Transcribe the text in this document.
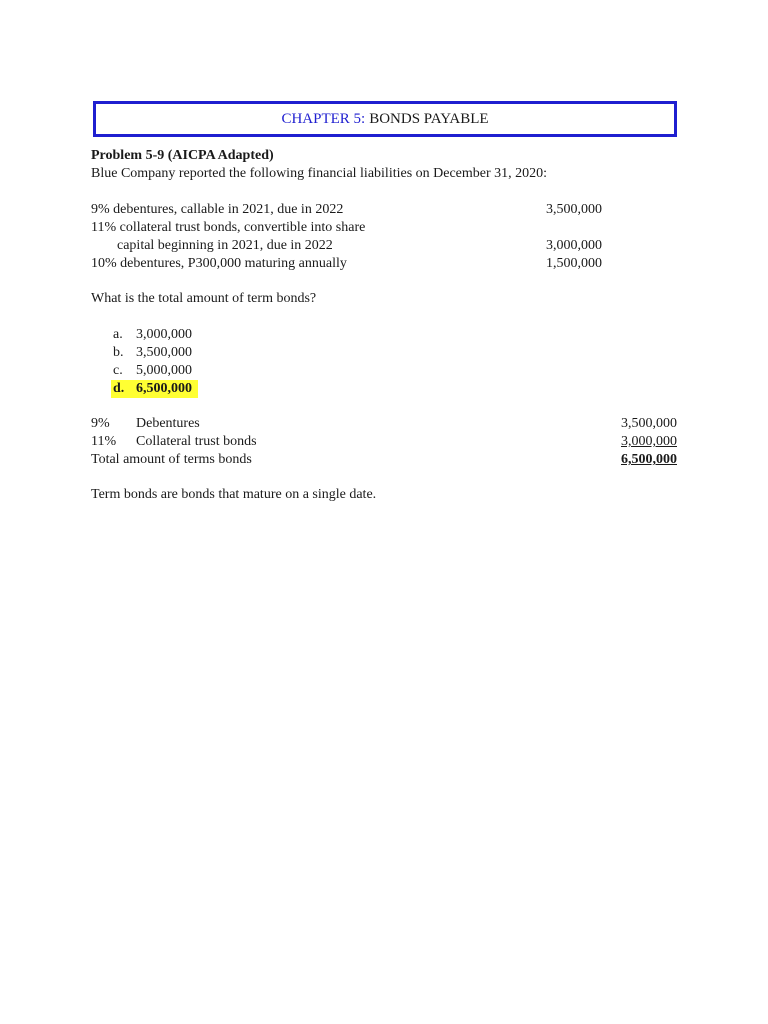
CHAPTER 5: BONDS PAYABLE
Problem 5-9 (AICPA Adapted)
Blue Company reported the following financial liabilities on December 31, 2020:
9% debentures, callable in 2021, due in 2022	3,500,000
11% collateral trust bonds, convertible into share
capital beginning in 2021, due in 2022	3,000,000
10% debentures, P300,000 maturing annually	1,500,000
What is the total amount of term bonds?
a. 3,000,000
b. 3,500,000
c. 5,000,000
d. 6,500,000
9% Debentures	3,500,000
11% Collateral trust bonds	3,000,000
Total amount of terms bonds	6,500,000
Term bonds are bonds that mature on a single date.
